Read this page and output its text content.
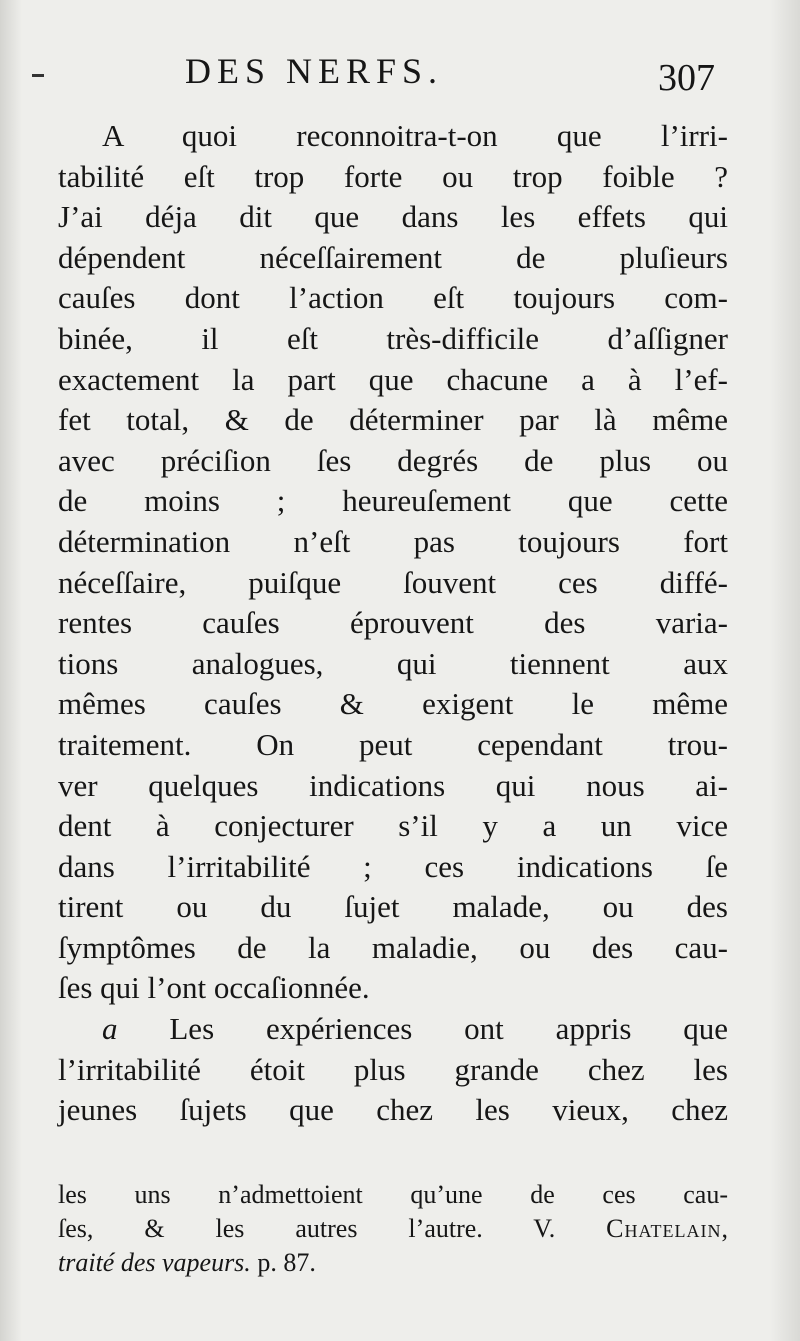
DES NERFS.	307
A quoi reconnoitra-t-on que l’irri-
tabilité eſt trop forte ou trop foible ?
J’ai déja dit que dans les effets qui
dépendent néceſſairement de pluſieurs
cauſes dont l’action eſt toujours com-
binée, il eſt très-difficile d’aſſigner
exactement la part que chacune a à l’ef-
fet total, & de déterminer par là même
avec préciſion ſes degrés de plus ou
de moins ; heureuſement que cette
détermination n’eſt pas toujours fort
néceſſaire, puiſque ſouvent ces diffé-
rentes cauſes éprouvent des varia-
tions analogues, qui tiennent aux
mêmes cauſes & exigent le même
traitement. On peut cependant trou-
ver quelques indications qui nous ai-
dent à conjecturer s’il y a un vice
dans l’irritabilité ; ces indications ſe
tirent ou du ſujet malade, ou des
ſymptômes de la maladie, ou des cau-
ſes qui l’ont occaſionnée.
a Les expériences ont appris que
l’irritabilité étoit plus grande chez les
jeunes ſujets que chez les vieux, chez
les uns n’admettoient qu’une de ces cau-
ſes, & les autres l’autre. V. Chatelain,
traité des vapeurs. p. 87.
